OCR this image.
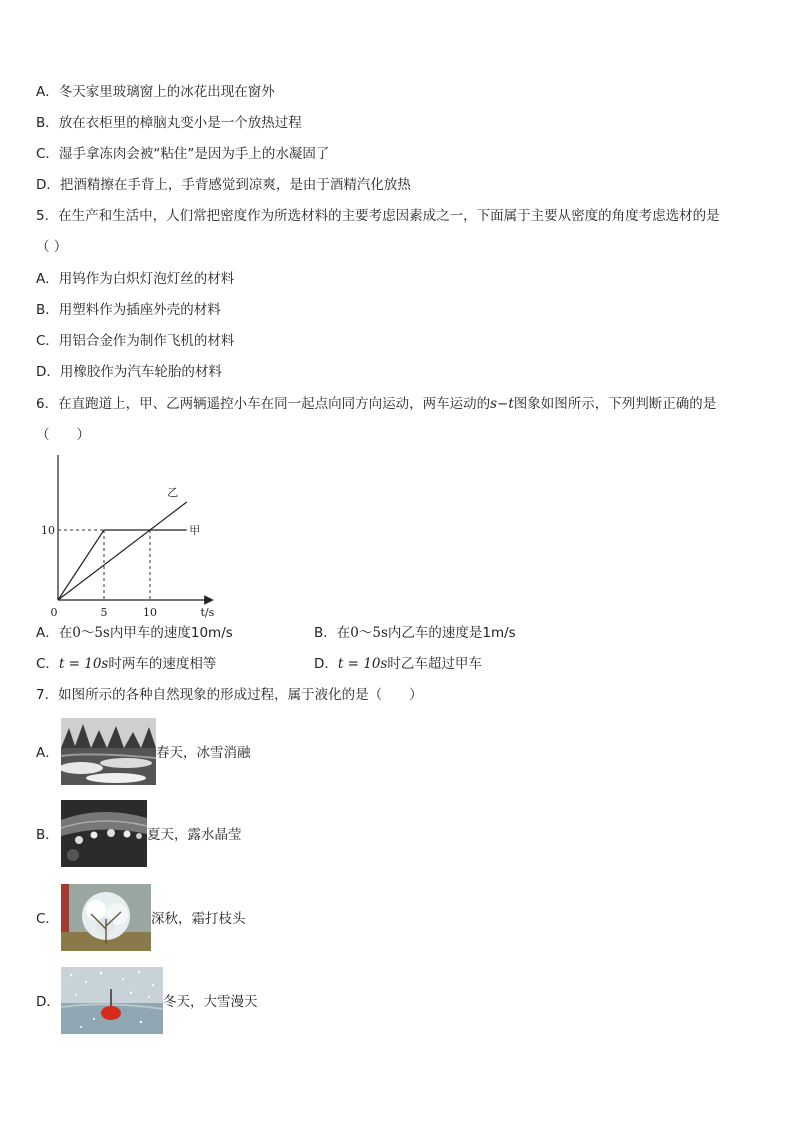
A．冬天家里玻璃窗上的冰花出现在窗外
B．放在衣柜里的樟脑丸变小是一个放热过程
C．湿手拿冻肉会被“粘住”是因为手上的水凝固了
D．把酒精擦在手背上，手背感觉到凉爽，是由于酒精汽化放热
5．在生产和生活中，人们常把密度作为所选材料的主要考虑因素成之一，下面属于主要从密度的角度考虑选材的是
（ ）
A．用钨作为白炽灯泡灯丝的材料
B．用塑料作为插座外壳的材料
C．用铝合金作为制作飞机的材料
D．用橡胶作为汽车轮胎的材料
6．在直跑道上，甲、乙两辆遥控小车在同一起点向同方向运动，两车运动的s−t图象如图所示，下列判断正确的是
（　　）
t/s
0	5	10
10	甲
乙
A．在0～5s内甲车的速度10m/s	B．在0～5s内乙车的速度是1m/s
C．t = 10s时两车的速度相等	D．t = 10s时乙车超过甲车
7．如图所示的各种自然现象的形成过程，属于液化的是（　　）
A．	春天，冰雪消融
B．	夏天，露水晶莹
C．	深秋，霜打枝头
D．	冬天，大雪漫天
